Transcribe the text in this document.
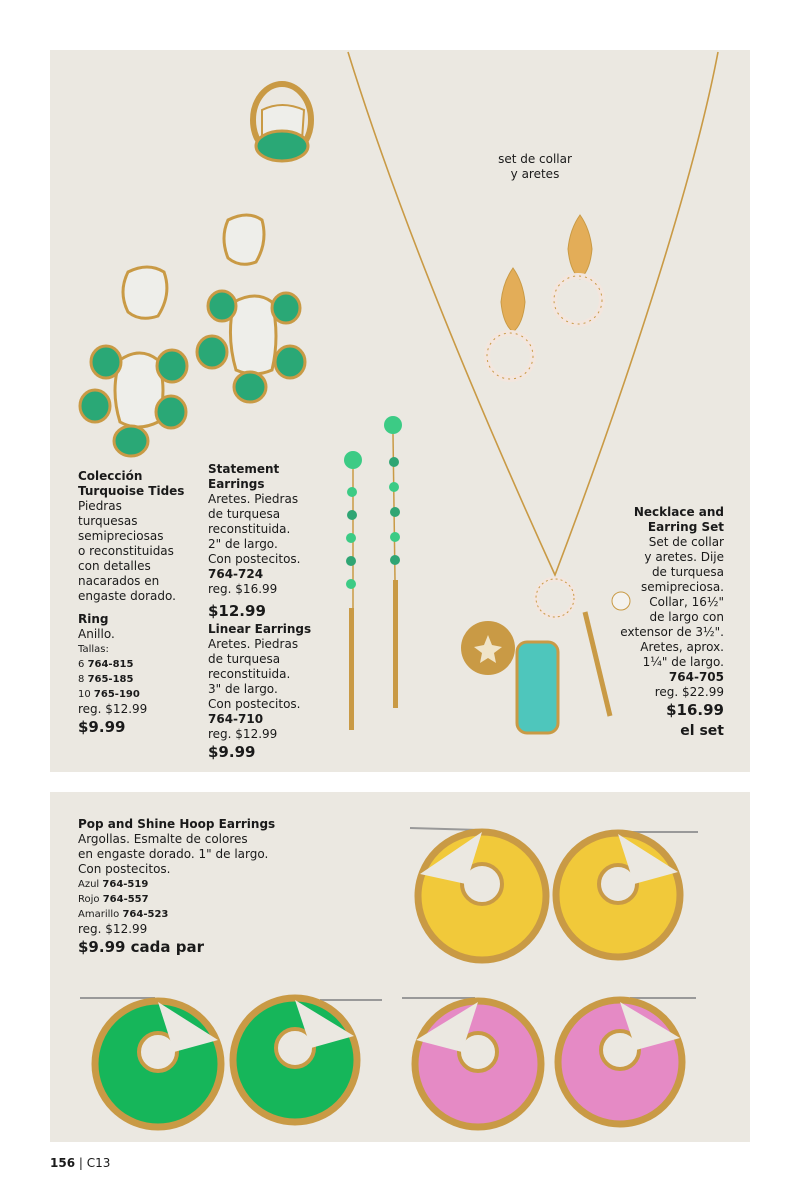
Colección
Turquoise Tides
Piedras
turquesas
semipreciosas
o reconstituidas
con detalles
nacarados en
engaste dorado.
Ring
Anillo.
Tallas:
6 764-815
8 765-185
10 765-190
reg. $12.99
$9.99
Statement
Earrings
Aretes. Piedras
de turquesa
reconstituida.
2" de largo.
Con postecitos.
764-724
reg. $16.99
$12.99
Linear Earrings
Aretes. Piedras
de turquesa
reconstituida.
3" de largo.
Con postecitos.
764-710
reg. $12.99
$9.99
set de collar
y aretes
Necklace and
Earring Set
Set de collar
y aretes. Dije
de turquesa
semipreciosa.
Collar, 16½"
de largo con
extensor de 3½".
Aretes, aprox.
1¼" de largo.
764-705
reg. $22.99
$16.99
el set
Pop and Shine Hoop Earrings
Argollas. Esmalte de colores
en engaste dorado. 1" de largo.
Con postecitos.
Azul 764-519
Rojo 764-557
Amarillo 764-523
reg. $12.99
$9.99 cada par
156 | C13
